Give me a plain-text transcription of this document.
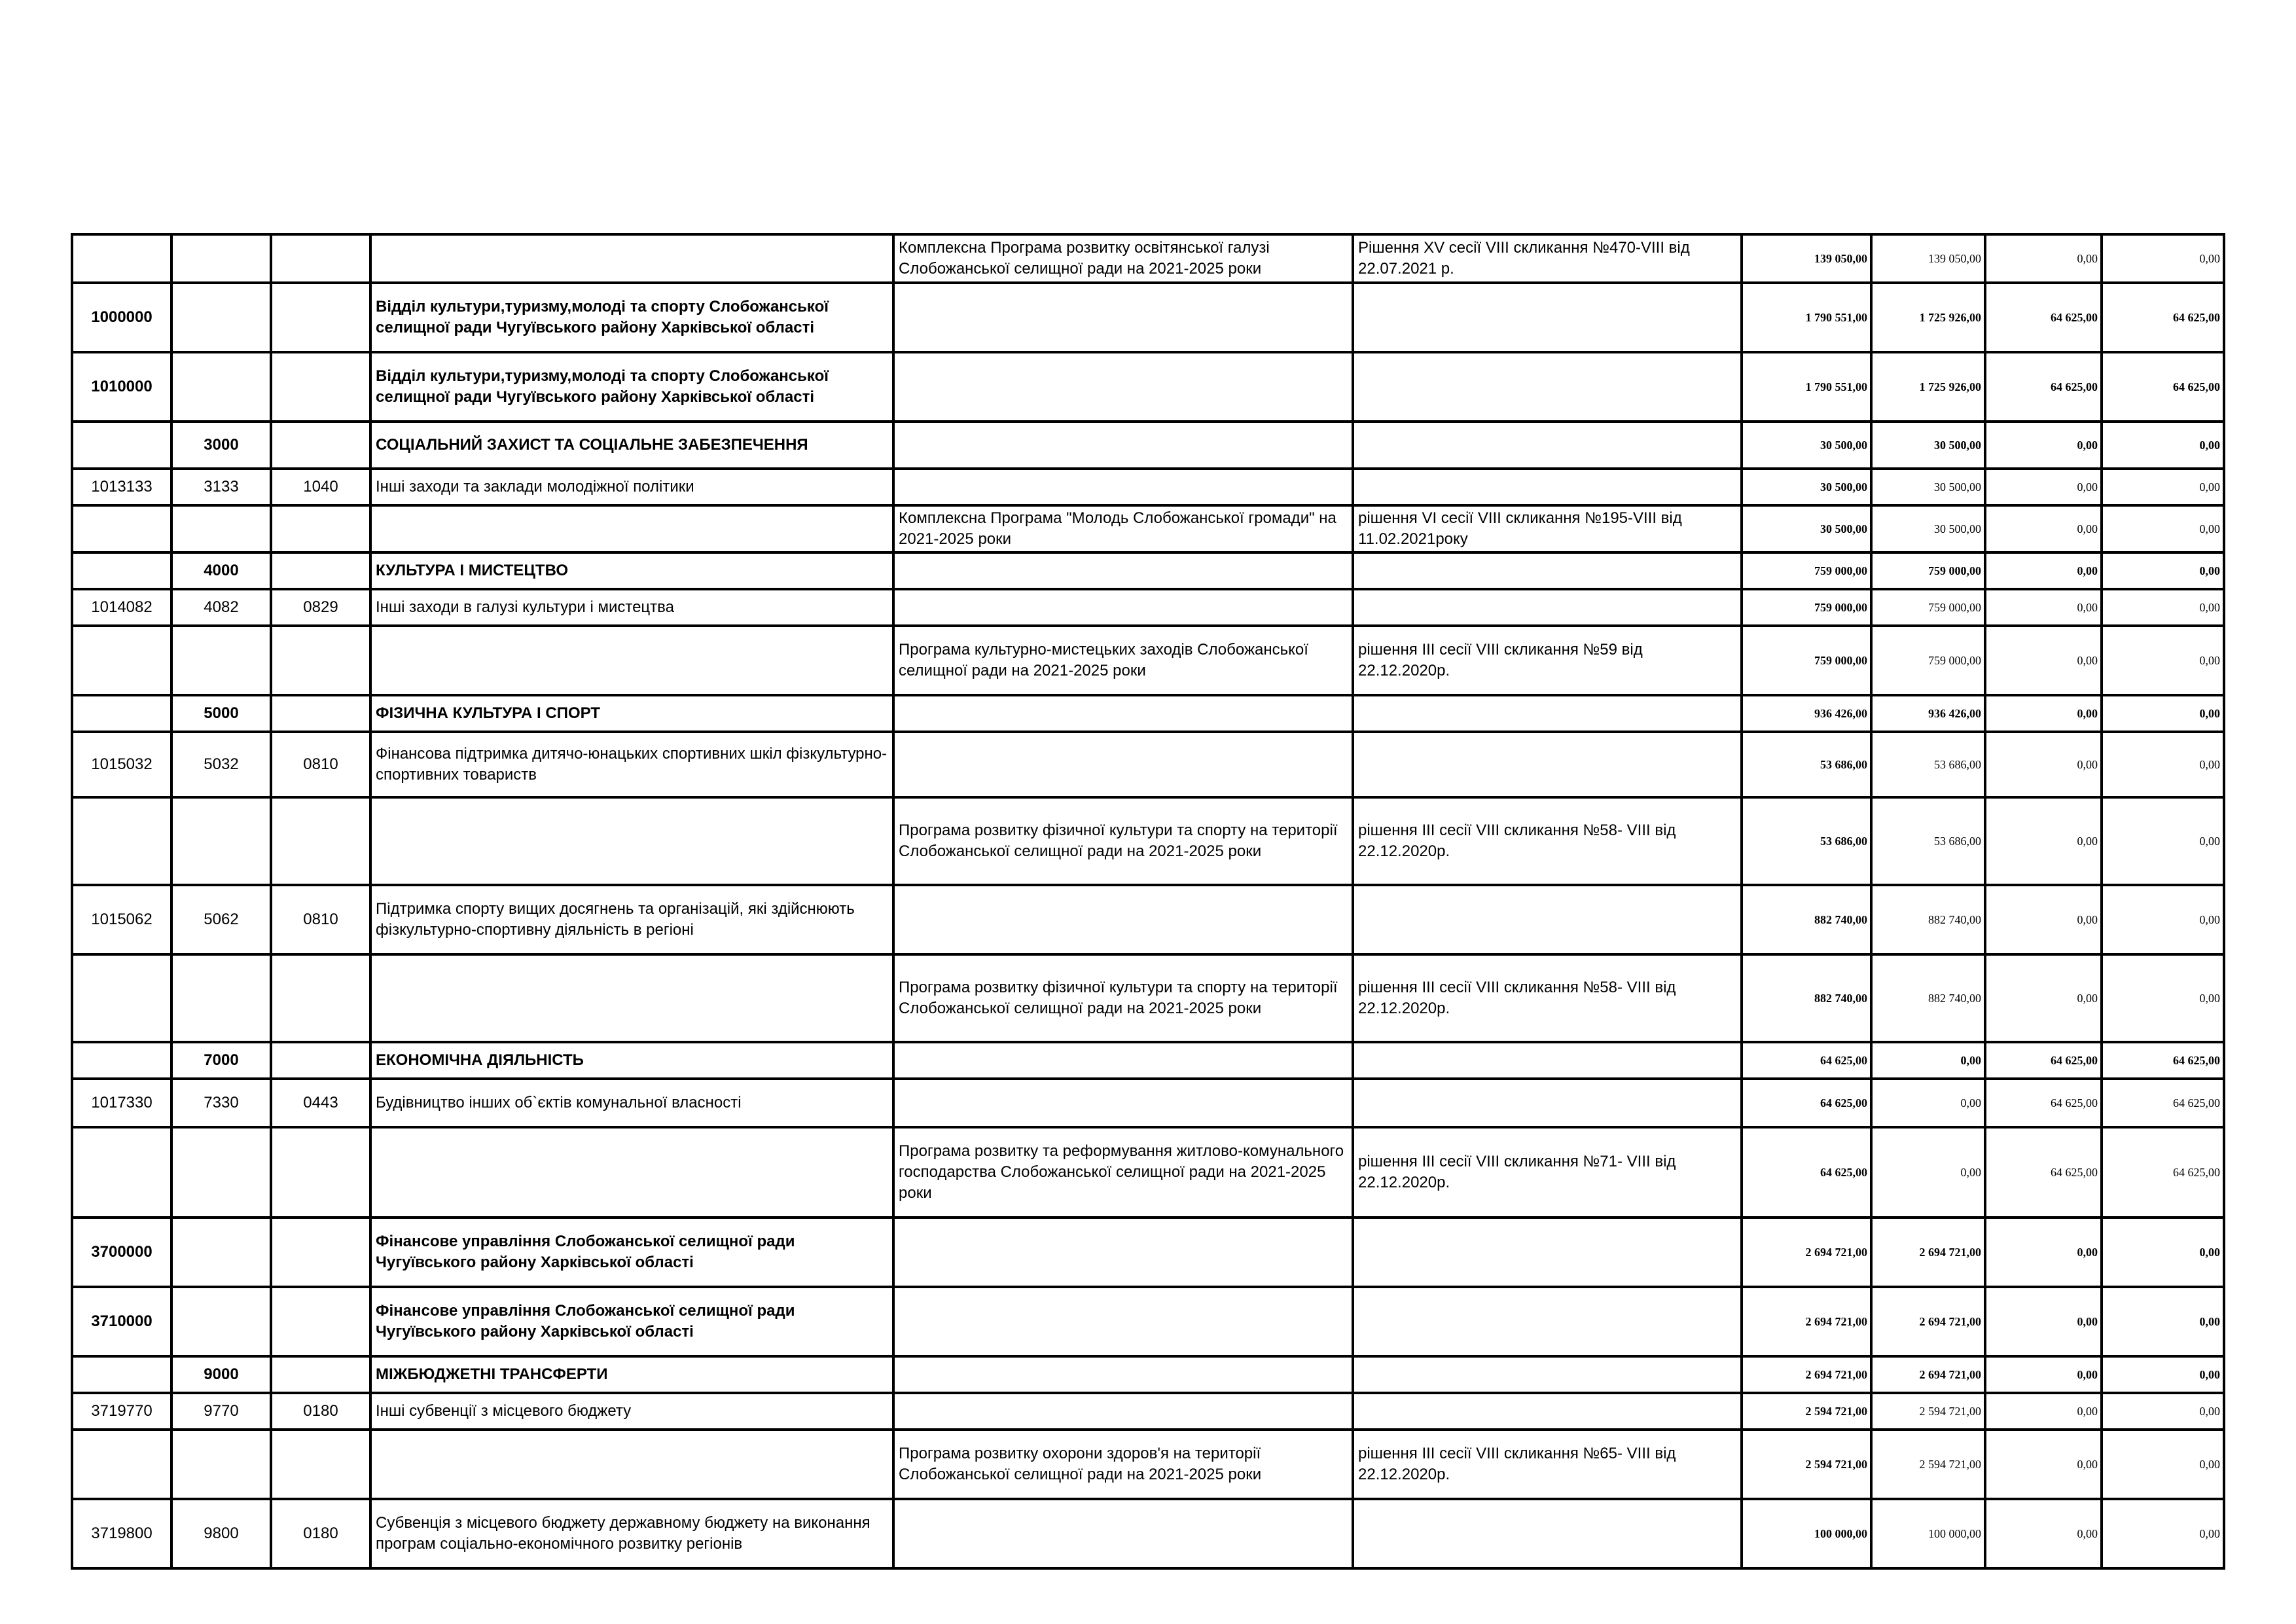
				Комплексна Програма розвитку освітянської галузі Слобожанської селищної ради на 2021-2025 роки	Рішення XV сесії VIII скликання №470-VIII від 22.07.2021 р.	139 050,00	139 050,00	0,00	0,00
1000000			Відділ культури,туризму,молоді та спорту Слобожанської селищної ради Чугуївського району Харківської області			1 790 551,00	1 725 926,00	64 625,00	64 625,00
1010000			Відділ культури,туризму,молоді та спорту Слобожанської селищної ради Чугуївського району Харківської області			1 790 551,00	1 725 926,00	64 625,00	64 625,00
	3000		СОЦІАЛЬНИЙ ЗАХИСТ ТА СОЦІАЛЬНЕ ЗАБЕЗПЕЧЕННЯ			30 500,00	30 500,00	0,00	0,00
1013133	3133	1040	Інші заходи та заклади молодіжної політики			30 500,00	30 500,00	0,00	0,00
				Комплексна Програма "Молодь Слобожанської громади" на 2021-2025 роки	рішення VI сесії VIII скликання №195-VIII від 11.02.2021року	30 500,00	30 500,00	0,00	0,00
	4000		КУЛЬТУРА І МИСТЕЦТВО			759 000,00	759 000,00	0,00	0,00
1014082	4082	0829	Інші заходи в галузі культури і мистецтва			759 000,00	759 000,00	0,00	0,00
				Програма культурно-мистецьких заходів Слобожанської селищної ради на 2021-2025 роки	рішення ІІІ сесії VIII скликання №59 від 22.12.2020р.	759 000,00	759 000,00	0,00	0,00
	5000		ФІЗИЧНА КУЛЬТУРА І СПОРТ			936 426,00	936 426,00	0,00	0,00
1015032	5032	0810	Фінансова підтримка дитячо-юнацьких спортивних шкіл фізкультурно-спортивних товариств			53 686,00	53 686,00	0,00	0,00
				Програма розвитку фізичної культури та спорту на території Слобожанської селищної ради на 2021-2025 роки	рішення ІІІ сесії VIII скликання №58- VIII від 22.12.2020р.	53 686,00	53 686,00	0,00	0,00
1015062	5062	0810	Підтримка спорту вищих досягнень та організацій, які здійснюють фізкультурно-спортивну діяльність в регіоні			882 740,00	882 740,00	0,00	0,00
				Програма розвитку фізичної культури та спорту на території Слобожанської селищної ради на 2021-2025 роки	рішення ІІІ сесії VIII скликання №58- VIII від 22.12.2020р.	882 740,00	882 740,00	0,00	0,00
	7000		ЕКОНОМІЧНА ДІЯЛЬНІСТЬ			64 625,00	0,00	64 625,00	64 625,00
1017330	7330	0443	Будівництво інших об`єктів комунальної власності			64 625,00	0,00	64 625,00	64 625,00
				Програма розвитку та реформування житлово-комунального господарства Слобожанської селищної ради на 2021-2025 роки	рішення ІІІ сесії VIII скликання №71- VIII від 22.12.2020р.	64 625,00	0,00	64 625,00	64 625,00
3700000			Фінансове управління Слобожанської селищної ради Чугуївського району Харківської області			2 694 721,00	2 694 721,00	0,00	0,00
3710000			Фінансове управління Слобожанської селищної ради Чугуївського району Харківської області			2 694 721,00	2 694 721,00	0,00	0,00
	9000		МІЖБЮДЖЕТНІ ТРАНСФЕРТИ			2 694 721,00	2 694 721,00	0,00	0,00
3719770	9770	0180	Інші субвенції з місцевого бюджету			2 594 721,00	2 594 721,00	0,00	0,00
				Програма розвитку охорони здоров'я на території Слобожанської селищної ради на 2021-2025 роки	рішення ІІІ сесії VIII скликання №65- VIII від 22.12.2020р.	2 594 721,00	2 594 721,00	0,00	0,00
3719800	9800	0180	Субвенція з місцевого бюджету державному бюджету на виконання програм соціально-економічного розвитку регіонів			100 000,00	100 000,00	0,00	0,00
